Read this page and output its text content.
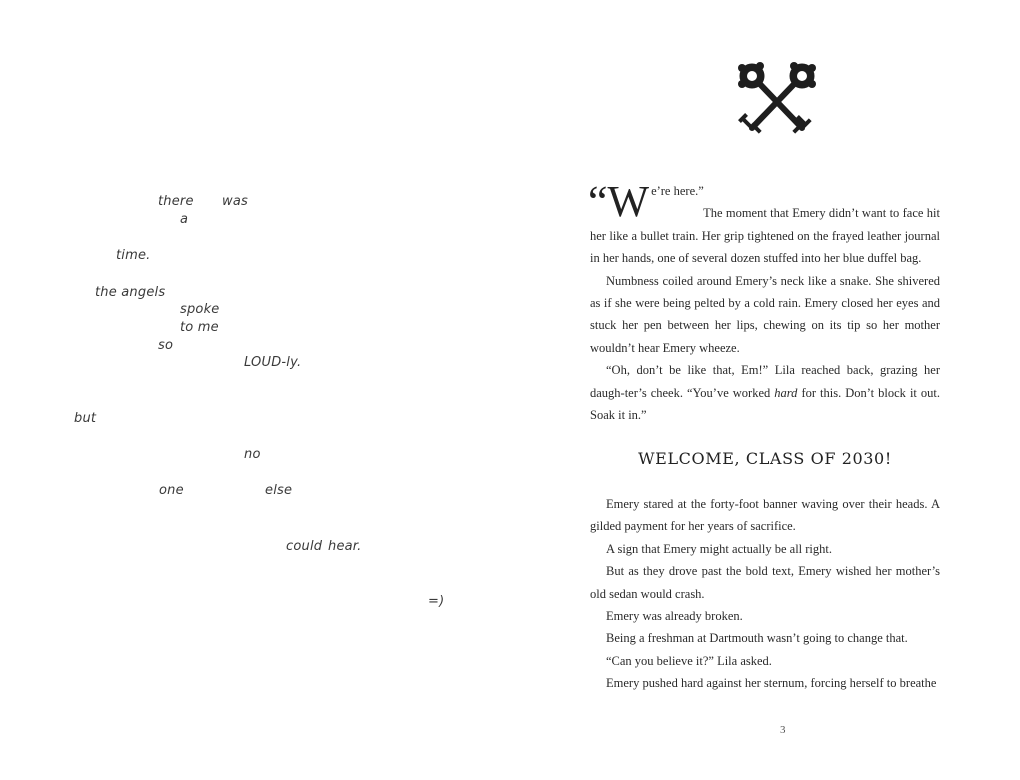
there was
a
time.
the angels
spoke
to me
so
LOUD-ly.
but
no
one	else
could hear.
=)
“W e’re here.”

The moment that Emery didn’t want to face hit her like a bullet train. Her grip tightened on the frayed leather journal in her hands, one of several dozen stuffed into her blue duffel bag.

Numbness coiled around Emery’s neck like a snake. She shivered as if she were being pelted by a cold rain. Emery closed her eyes and stuck her pen between her lips, chewing on its tip so her mother wouldn’t hear Emery wheeze.

“Oh, don’t be like that, Em!” Lila reached back, grazing her daugh-ter’s cheek. “You’ve worked hard for this. Don’t block it out. Soak it in.”

WELCOME, CLASS OF 2030!

Emery stared at the forty-foot banner waving over their heads. A gilded payment for her years of sacrifice.

A sign that Emery might actually be all right.

But as they drove past the bold text, Emery wished her mother’s old sedan would crash.

Emery was already broken.

Being a freshman at Dartmouth wasn’t going to change that.

“Can you believe it?” Lila asked.

Emery pushed hard against her sternum, forcing herself to breathe

3
